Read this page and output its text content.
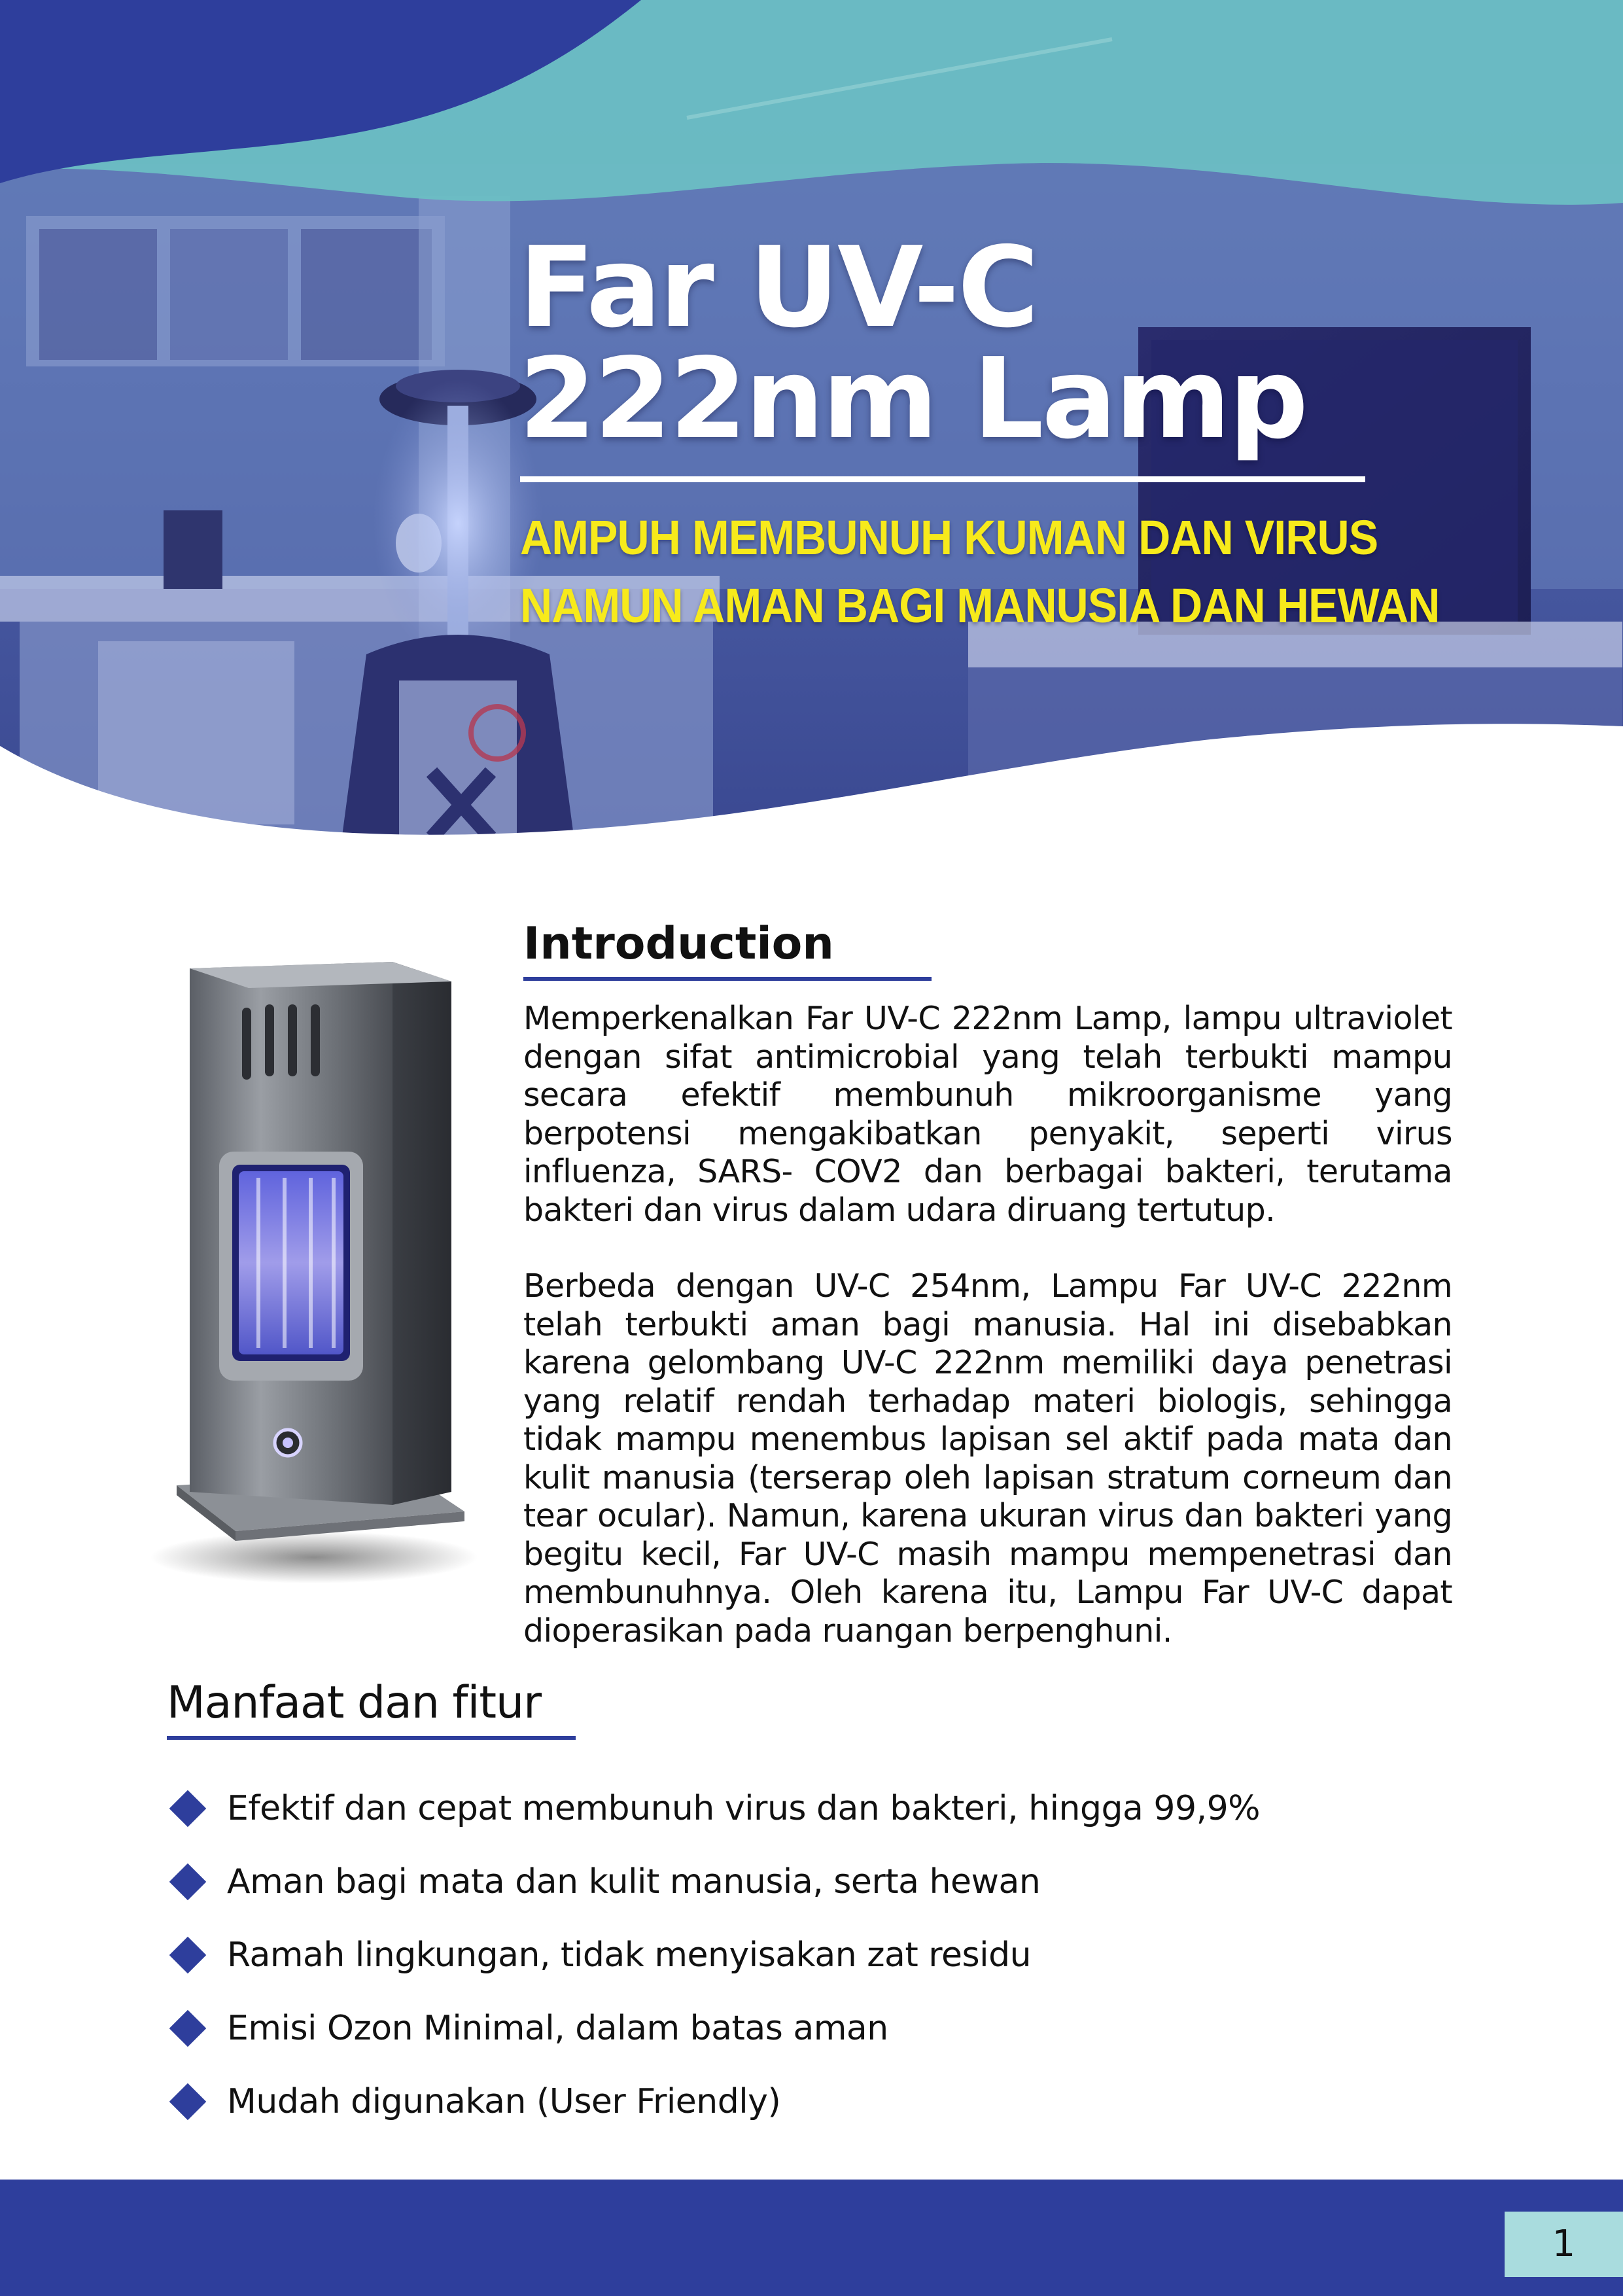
Far UV-C
222nm Lamp

AMPUH MEMBUNUH KUMAN DAN VIRUS
NAMUN AMAN BAGI MANUSIA DAN HEWAN

Introduction

Memperkenalkan Far UV-C 222nm Lamp, lampu ultraviolet dengan sifat antimicrobial yang telah terbukti mampu secara efektif membunuh mikroorganisme yang berpotensi mengakibatkan penyakit, seperti virus influenza, SARS- COV2 dan berbagai bakteri, terutama bakteri dan virus dalam udara diruang tertutup.

Berbeda dengan UV-C 254nm, Lampu Far UV-C 222nm telah terbukti aman bagi manusia. Hal ini disebabkan karena gelombang UV-C 222nm memiliki daya penetrasi yang relatif rendah terhadap materi biologis, sehingga tidak mampu menembus lapisan sel aktif pada mata dan kulit manusia (terserap oleh lapisan stratum corneum dan tear ocular). Namun, karena ukuran virus dan bakteri yang begitu kecil, Far UV-C masih mampu mempenetrasi dan membunuhnya. Oleh karena itu, Lampu Far UV-C dapat dioperasikan pada ruangan berpenghuni.

Manfaat dan fitur
Efektif dan cepat membunuh virus dan bakteri, hingga 99,9%
Aman bagi mata dan kulit manusia, serta hewan
Ramah lingkungan, tidak menyisakan zat residu
Emisi Ozon Minimal, dalam batas aman
Mudah digunakan (User Friendly)
1
